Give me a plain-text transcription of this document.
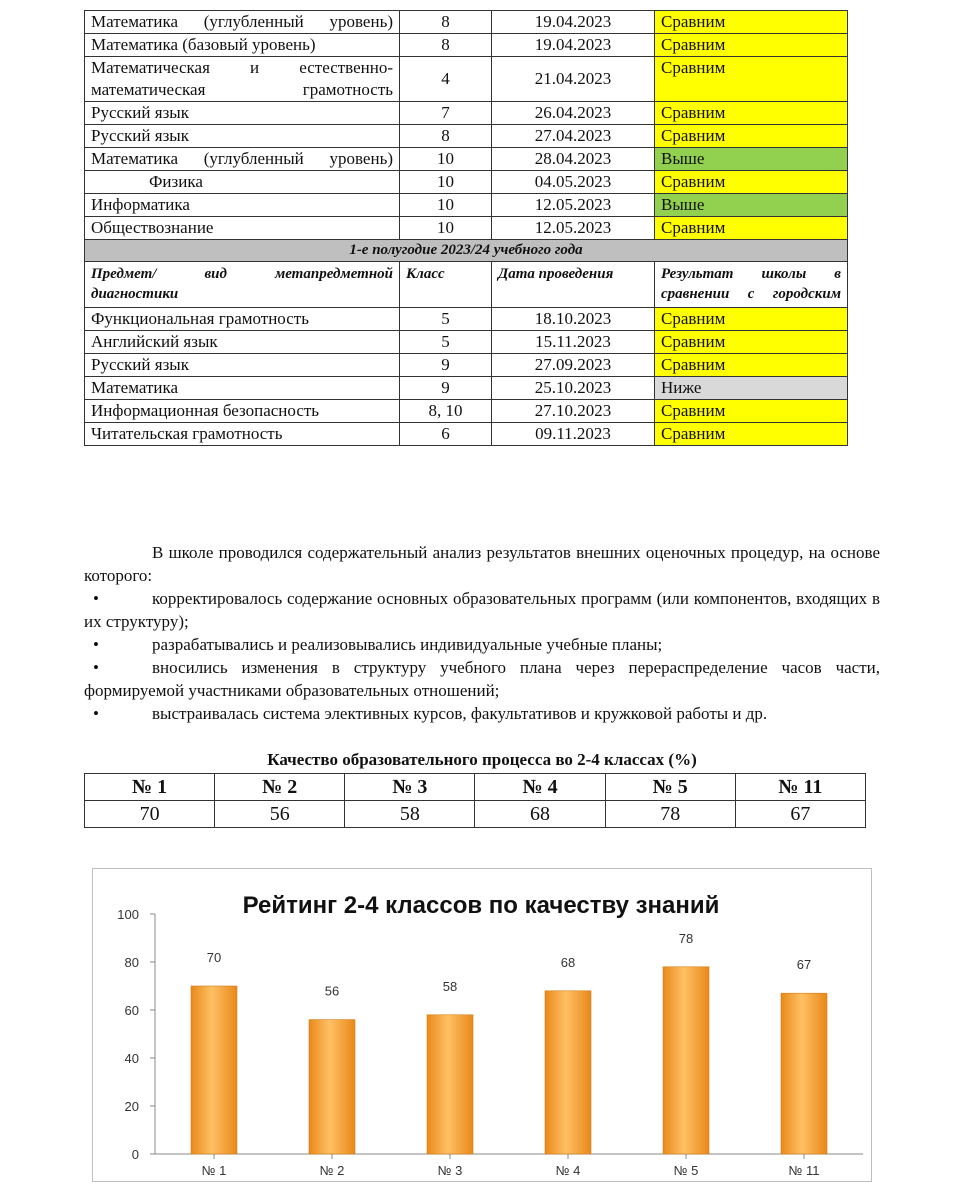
Математика (углубленный уровень)	8	19.04.2023	Сравним
Математика (базовый уровень)	8	19.04.2023	Сравним

Математическая и естественно-математическая грамотность	4	21.04.2023	Сравним
Русский язык	7	26.04.2023	Сравним
Русский язык	8	27.04.2023	Сравним

Математика (углубленный уровень)	10	28.04.2023	Выше
Физика	10	04.05.2023	Сравним
Информатика	10	12.05.2023	Выше
Обществознание	10	12.05.2023	Сравним
1-е полугодие 2023/24 учебного года			

Предмет/ вид метапредметной диагностики	Класс	Дата проведения	Результат школы в сравнении с городским

Функциональная грамотность	5	18.10.2023	Сравним
Английский язык	5	15.11.2023	Сравним
Русский язык	9	27.09.2023	Сравним
Математика	9	25.10.2023	Ниже
Информационная безопасность	8, 10	27.10.2023	Сравним
Читательская грамотность	6	09.11.2023	Сравним

В школе проводился содержательный анализ результатов внешних оценочных процедур, на основе которого:

•	корректировалось содержание основных образовательных программ (или компонентов, входящих в их структуру);

•	разрабатывались и реализовывались индивидуальные учебные планы;

•	вносились изменения в структуру учебного плана через перераспределение часов части, формируемой участниками образовательных отношений;

•	выстраивалась система элективных курсов, факультативов и кружковой работы и др.

Качество образовательного процесса во 2-4 классах (%)
№ 1	№ 2	№ 3	№ 4	№ 5	№ 11
70	56	58	68	78	67
Рейтинг 2-4 классов по качеству знаний
0
20
40
60
80
100
70
56	58
68
78
67
№ 1	№ 2	№ 3	№ 4	№ 5	№ 11
